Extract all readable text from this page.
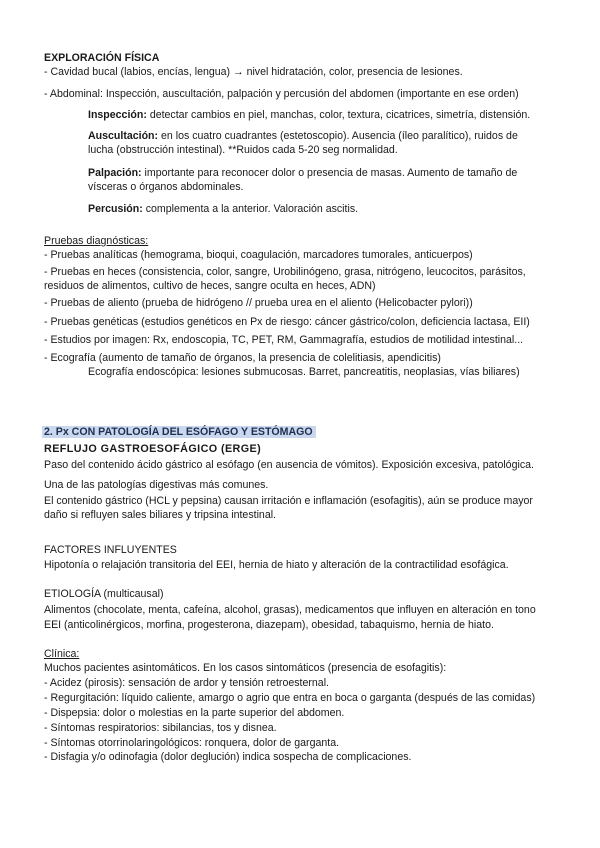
EXPLORACIÓN FÍSICA
- Cavidad bucal (labios, encías, lengua) → nivel hidratación, color, presencia de lesiones.
- Abdominal: Inspección, auscultación, palpación y percusión del abdomen (importante en ese orden)
Inspección: detectar cambios en piel, manchas, color, textura, cicatrices, simetría, distensión.
Auscultación: en los cuatro cuadrantes (estetoscopio). Ausencia (íleo paralítico), ruidos de
lucha (obstrucción intestinal). **Ruidos cada 5-20 seg normalidad.
Palpación: importante para reconocer dolor o presencia de masas. Aumento de tamaño de
vísceras o órganos abdominales.
Percusión: complementa a la anterior. Valoración ascitis.
Pruebas diagnósticas:
- Pruebas analíticas (hemograma, bioqui, coagulación, marcadores tumorales, anticuerpos)
- Pruebas en heces (consistencia, color, sangre, Urobilinógeno, grasa, nitrógeno, leucocitos, parásitos,
residuos de alimentos, cultivo de heces, sangre oculta en heces, ADN)
- Pruebas de aliento (prueba de hidrógeno // prueba urea en el aliento (Helicobacter pylori))
- Pruebas genéticas (estudios genéticos en Px de riesgo: cáncer gástrico/colon, deficiencia lactasa, EII)
- Estudios por imagen: Rx, endoscopia, TC, PET, RM, Gammagrafía, estudios de motilidad intestinal...
- Ecografía (aumento de tamaño de órganos, la presencia de colelitiasis, apendicitis)
Ecografía endoscópica: lesiones submucosas. Barret, pancreatitis, neoplasias, vías biliares)
2. Px CON PATOLOGÍA DEL ESÓFAGO Y ESTÓMAGO
REFLUJO GASTROESOFÁGICO (ERGE)
Paso del contenido ácido gástrico al esófago (en ausencia de vómitos). Exposición excesiva, patológica.
Una de las patologías digestivas más comunes.
El contenido gástrico (HCL y pepsina) causan irritación e inflamación (esofagitis), aún se produce mayor
daño si refluyen sales biliares y tripsina intestinal.
FACTORES INFLUYENTES
Hipotonía o relajación transitoria del EEI, hernia de hiato y alteración de la contractilidad esofágica.
ETIOLOGÍA (multicausal)
Alimentos (chocolate, menta, cafeína, alcohol, grasas), medicamentos que influyen en alteración en tono
EEI (anticolinérgicos, morfina, progesterona, diazepam), obesidad, tabaquismo, hernia de hiato.
Clínica:
Muchos pacientes asintomáticos. En los casos sintomáticos (presencia de esofagitis):
- Acidez (pirosis): sensación de ardor y tensión retroesternal.
- Regurgitación: líquido caliente, amargo o agrio que entra en boca o garganta (después de las comidas)
- Dispepsia: dolor o molestias en la parte superior del abdomen.
- Síntomas respiratorios: sibilancias, tos y disnea.
- Síntomas otorrinolaringológicos: ronquera, dolor de garganta.
- Disfagia y/o odinofagia (dolor deglución) indica sospecha de complicaciones.
